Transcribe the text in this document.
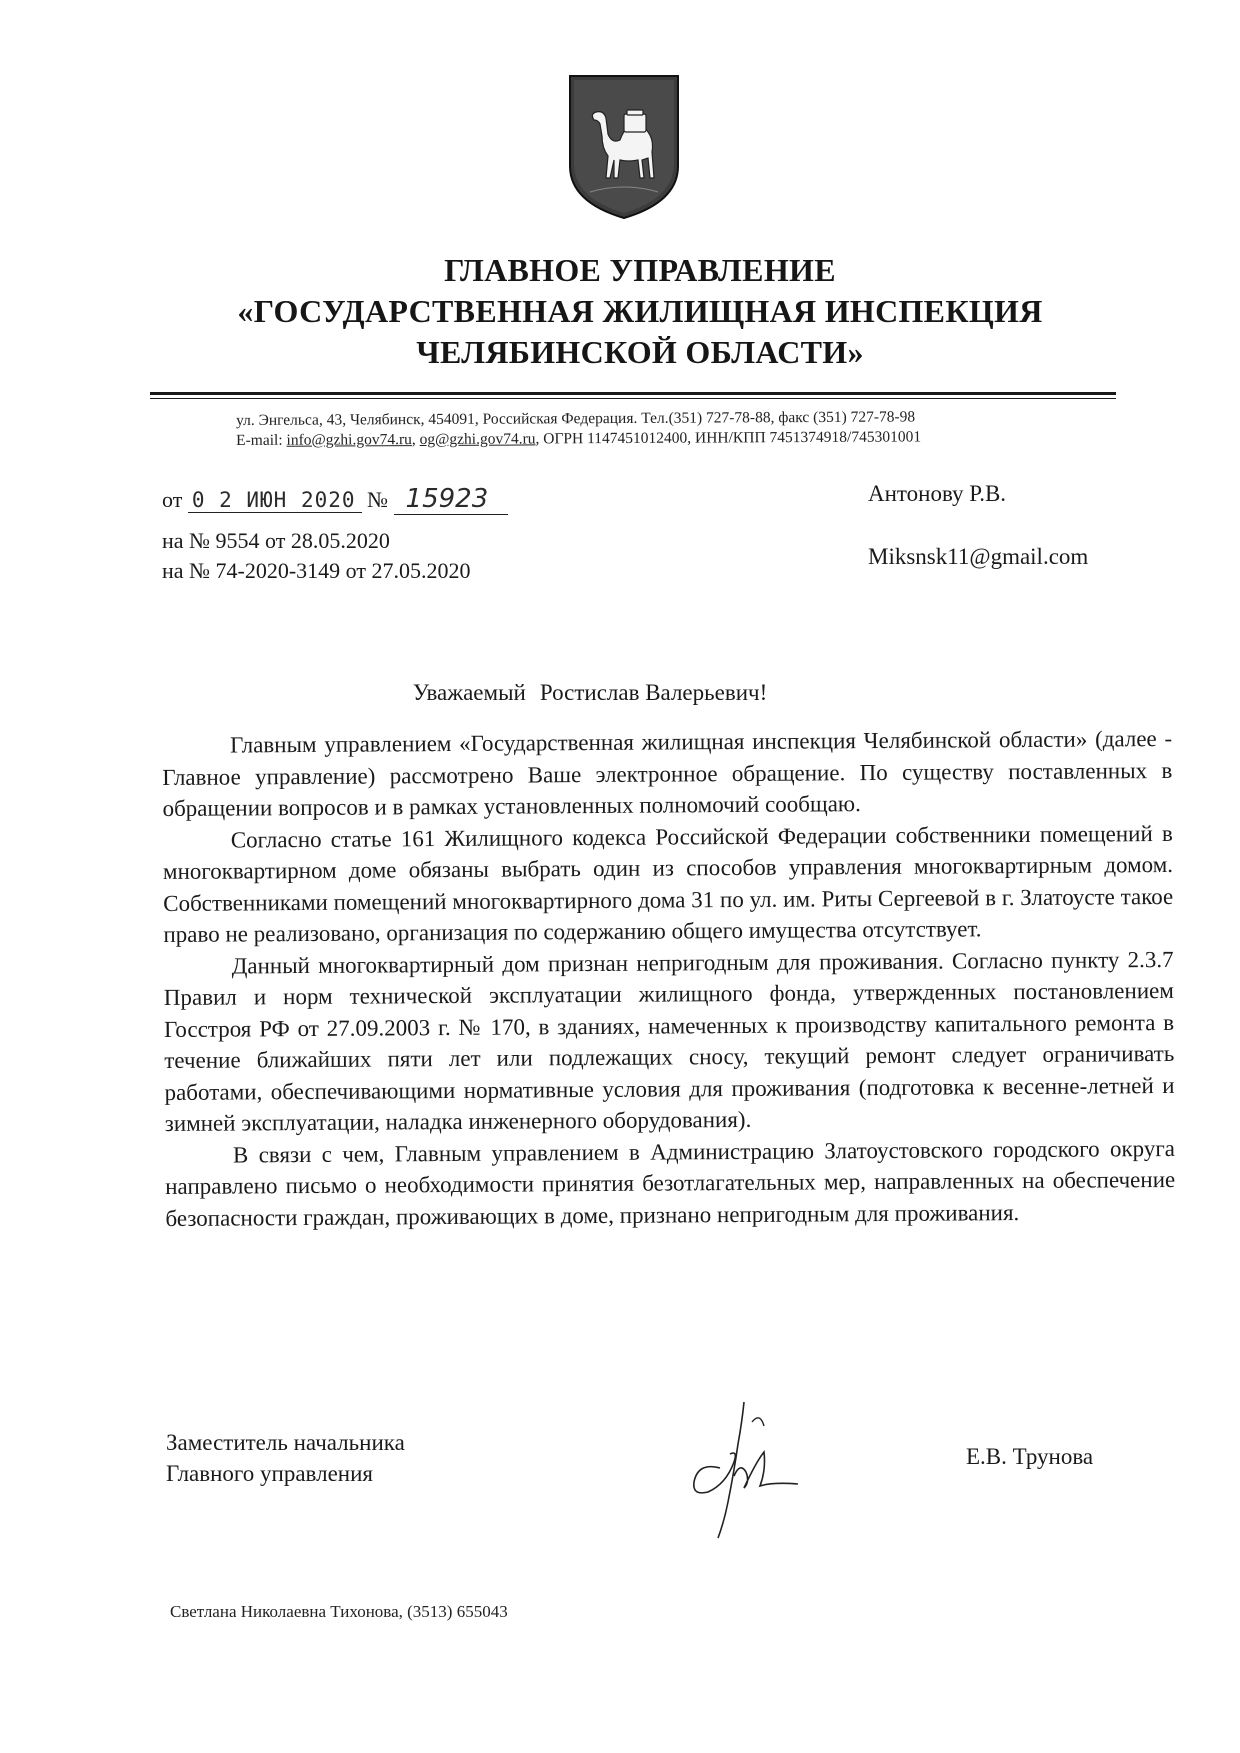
ГЛАВНОЕ УПРАВЛЕНИЕ
«ГОСУДАРСТВЕННАЯ ЖИЛИЩНАЯ ИНСПЕКЦИЯ
ЧЕЛЯБИНСКОЙ ОБЛАСТИ»
ул. Энгельса, 43, Челябинск, 454091, Российская Федерация. Тел.(351) 727-78-88, факс (351) 727-78-98
E-mail: info@gzhi.gov74.ru, og@gzhi.gov74.ru, ОГРН 1147451012400, ИНН/КПП 7451374918/745301001
от 0 2 ИЮН 2020 № 15923
на № 9554 от 28.05.2020
на № 74-2020-3149 от 27.05.2020
Антонову Р.В.
Miksnsk11@gmail.com
Уважаемый Ростислав Валерьевич!

Главным управлением «Государственная жилищная инспекция Челябинской области» (далее - Главное управление) рассмотрено Ваше электронное обращение. По существу поставленных в обращении вопросов и в рамках установленных полномочий сообщаю.

Согласно статье 161 Жилищного кодекса Российской Федерации собственники помещений в многоквартирном доме обязаны выбрать один из способов управления многоквартирным домом. Собственниками помещений многоквартирного дома 31 по ул. им. Риты Сергеевой в г. Златоусте такое право не реализовано, организация по содержанию общего имущества отсутствует.

Данный многоквартирный дом признан непригодным для проживания. Согласно пункту 2.3.7 Правил и норм технической эксплуатации жилищного фонда, утвержденных постановлением Госстроя РФ от 27.09.2003 г. № 170, в зданиях, намеченных к производству капитального ремонта в течение ближайших пяти лет или подлежащих сносу, текущий ремонт следует ограничивать работами, обеспечивающими нормативные условия для проживания (подготовка к весенне-летней и зимней эксплуатации, наладка инженерного оборудования).

В связи с чем, Главным управлением в Администрацию Златоустовского городского округа направлено письмо о необходимости принятия безотлагательных мер, направленных на обеспечение безопасности граждан, проживающих в доме, признано непригодным для проживания.

Заместитель начальника
Главного управления
Е.В. Трунова
Светлана Николаевна Тихонова, (3513) 655043
